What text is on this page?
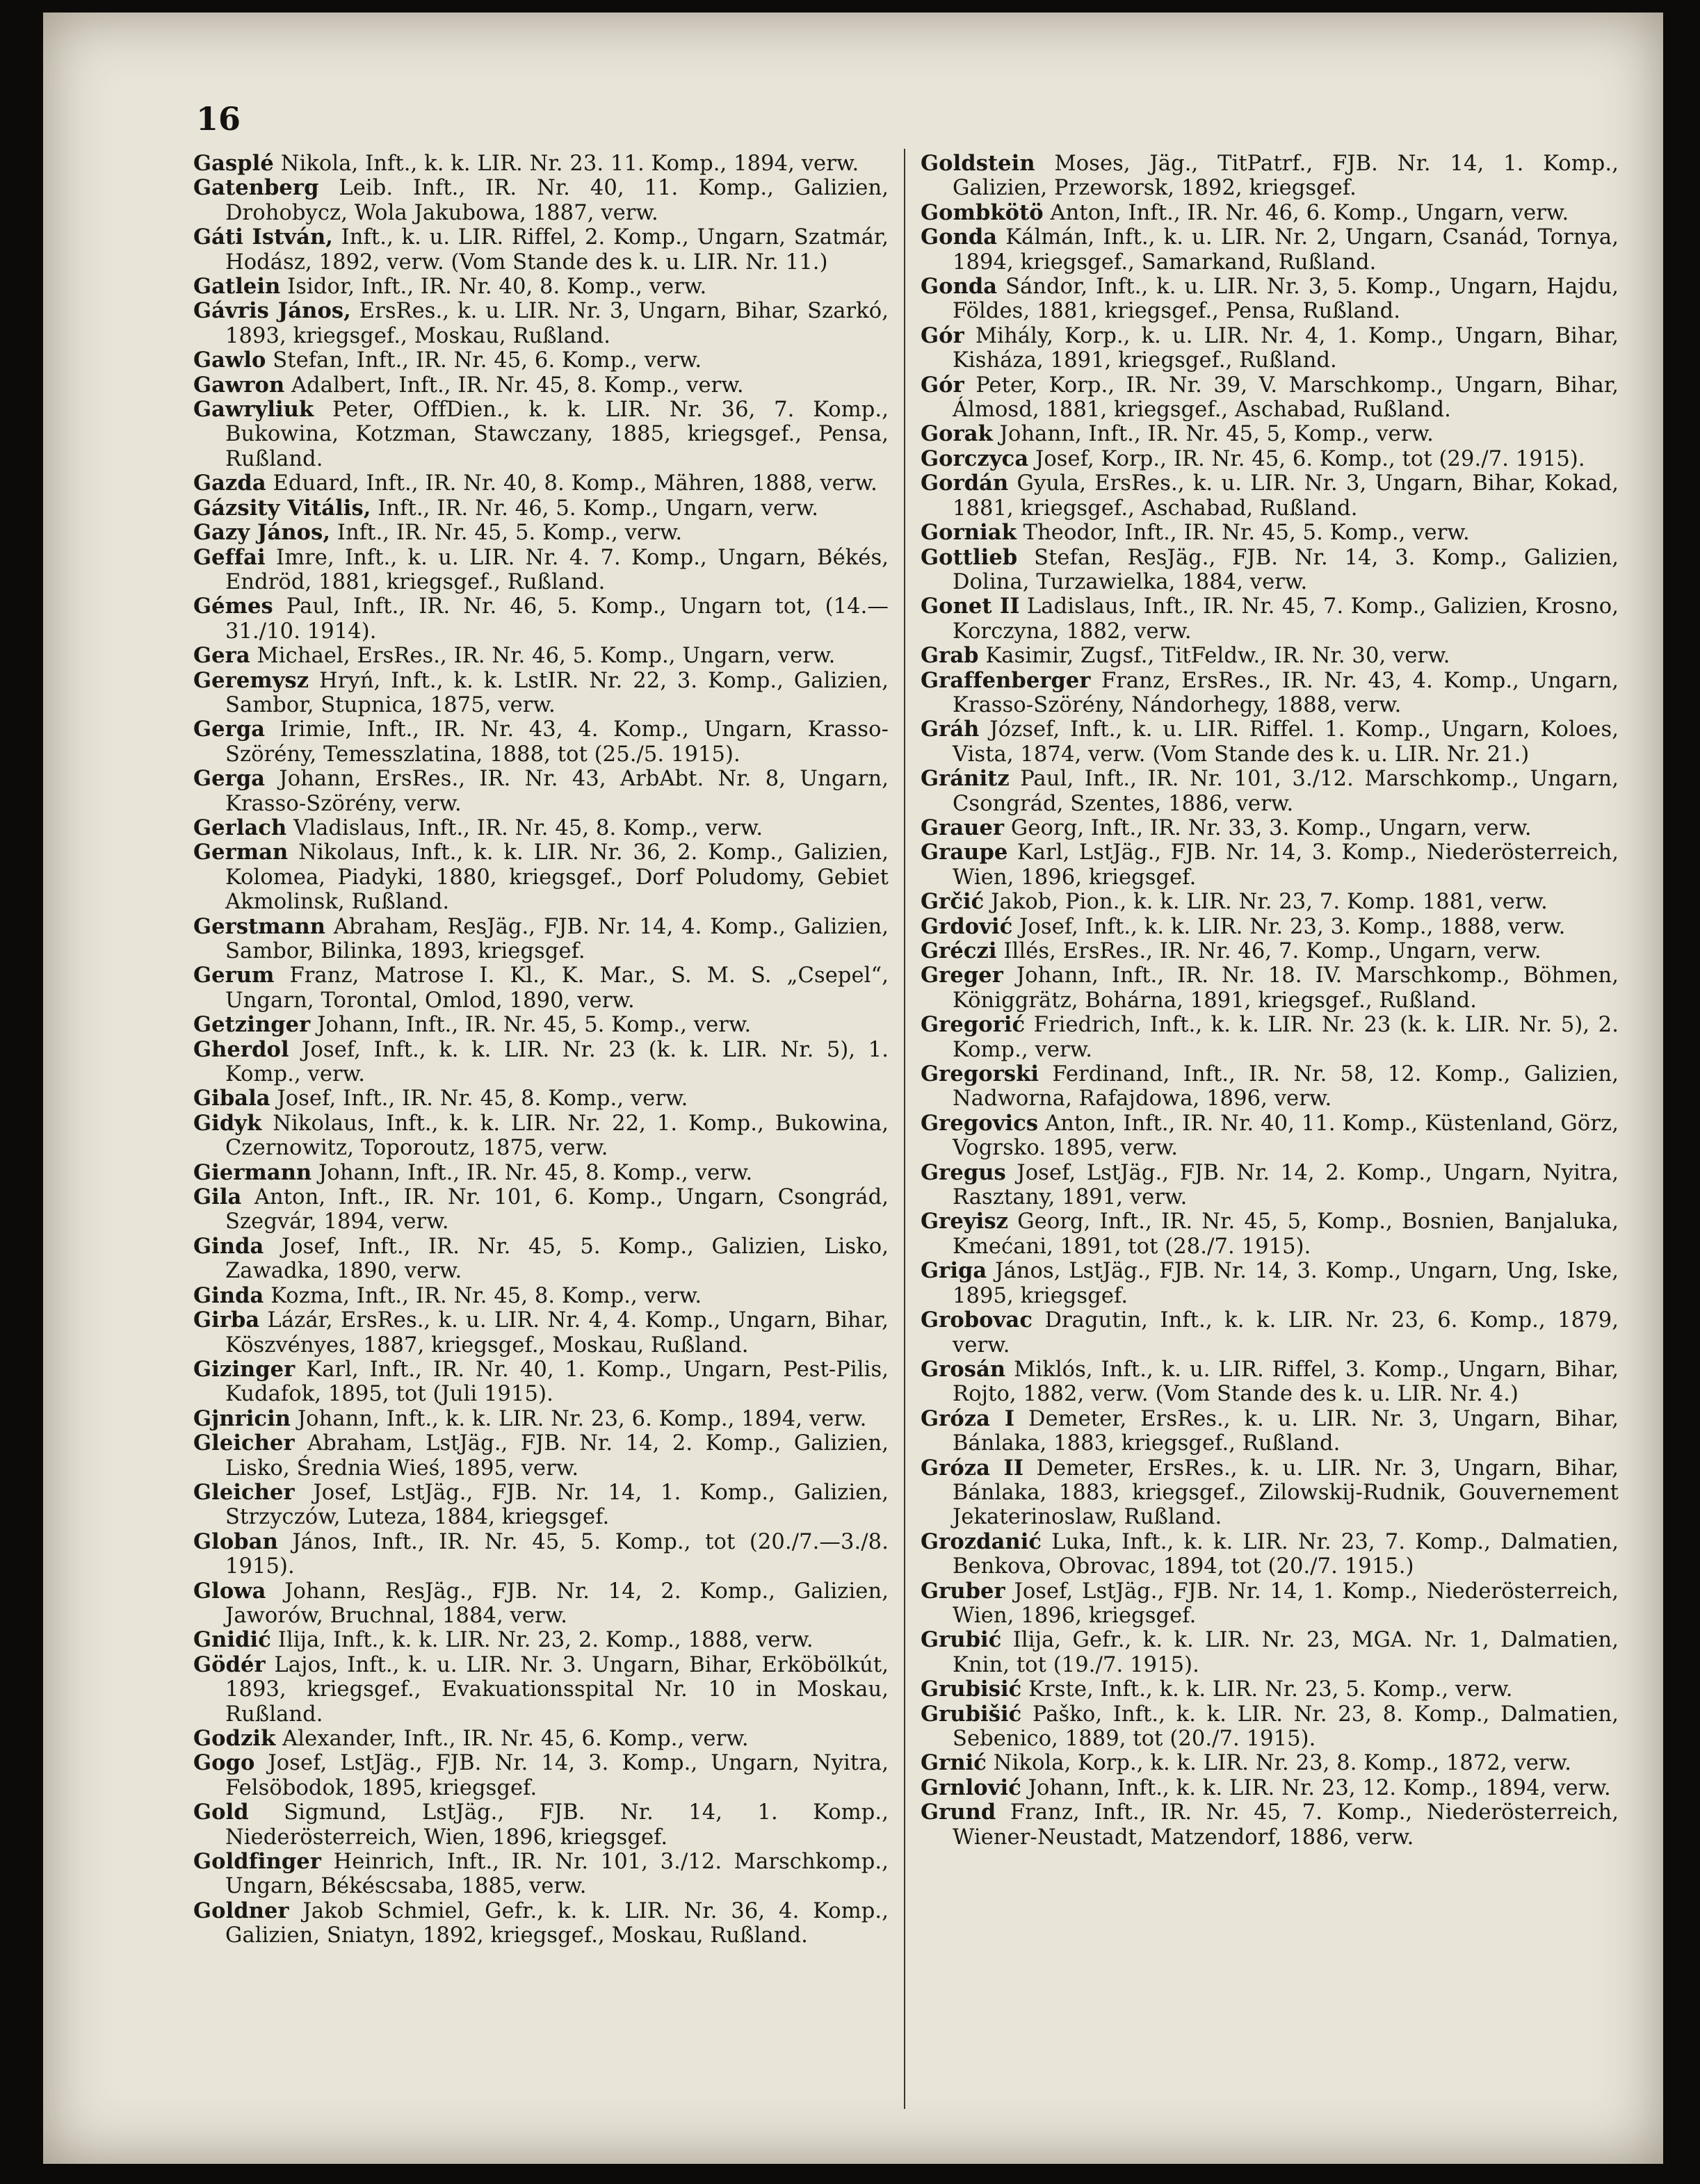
16
Gasplé Nikola, Inft., k. k. LIR. Nr. 23. 11. Komp., 1894, verw.
Gatenberg Leib. Inft., IR. Nr. 40, 11. Komp., Galizien, Drohobycz, Wola Jakubowa, 1887, verw.
Gáti István, Inft., k. u. LIR. Riffel, 2. Komp., Ungarn, Szatmár, Hodász, 1892, verw. (Vom Stande des k. u. LIR. Nr. 11.)
Gatlein Isidor, Inft., IR. Nr. 40, 8. Komp., verw.
Gávris János, ErsRes., k. u. LIR. Nr. 3, Ungarn, Bihar, Szarkó, 1893, kriegsgef., Moskau, Rußland.
Gawlo Stefan, Inft., IR. Nr. 45, 6. Komp., verw.
Gawron Adalbert, Inft., IR. Nr. 45, 8. Komp., verw.
Gawryliuk Peter, OffDien., k. k. LIR. Nr. 36, 7. Komp., Bukowina, Kotzman, Stawczany, 1885, kriegsgef., Pensa, Rußland.
Gazda Eduard, Inft., IR. Nr. 40, 8. Komp., Mähren, 1888, verw.
Gázsity Vitális, Inft., IR. Nr. 46, 5. Komp., Ungarn, verw.
Gazy János, Inft., IR. Nr. 45, 5. Komp., verw.
Geffai Imre, Inft., k. u. LIR. Nr. 4. 7. Komp., Ungarn, Békés, Endröd, 1881, kriegsgef., Rußland.
Gémes Paul, Inft., IR. Nr. 46, 5. Komp., Ungarn tot, (14.—31./10. 1914).
Gera Michael, ErsRes., IR. Nr. 46, 5. Komp., Ungarn, verw.
Geremysz Hryń, Inft., k. k. LstIR. Nr. 22, 3. Komp., Galizien, Sambor, Stupnica, 1875, verw.
Gerga Irimie, Inft., IR. Nr. 43, 4. Komp., Ungarn, Krasso-Szörény, Temesszlatina, 1888, tot (25./5. 1915).
Gerga Johann, ErsRes., IR. Nr. 43, ArbAbt. Nr. 8, Ungarn, Krasso-Szörény, verw.
Gerlach Vladislaus, Inft., IR. Nr. 45, 8. Komp., verw.
German Nikolaus, Inft., k. k. LIR. Nr. 36, 2. Komp., Galizien, Kolomea, Piadyki, 1880, kriegsgef., Dorf Poludomy, Gebiet Akmolinsk, Rußland.
Gerstmann Abraham, ResJäg., FJB. Nr. 14, 4. Komp., Galizien, Sambor, Bilinka, 1893, kriegsgef.
Gerum Franz, Matrose I. Kl., K. Mar., S. M. S. „Csepel“, Ungarn, Torontal, Omlod, 1890, verw.
Getzinger Johann, Inft., IR. Nr. 45, 5. Komp., verw.
Gherdol Josef, Inft., k. k. LIR. Nr. 23 (k. k. LIR. Nr. 5), 1. Komp., verw.
Gibala Josef, Inft., IR. Nr. 45, 8. Komp., verw.
Gidyk Nikolaus, Inft., k. k. LIR. Nr. 22, 1. Komp., Bukowina, Czernowitz, Toporoutz, 1875, verw.
Giermann Johann, Inft., IR. Nr. 45, 8. Komp., verw.
Gila Anton, Inft., IR. Nr. 101, 6. Komp., Ungarn, Csongrád, Szegvár, 1894, verw.
Ginda Josef, Inft., IR. Nr. 45, 5. Komp., Galizien, Lisko, Zawadka, 1890, verw.
Ginda Kozma, Inft., IR. Nr. 45, 8. Komp., verw.
Girba Lázár, ErsRes., k. u. LIR. Nr. 4, 4. Komp., Ungarn, Bihar, Köszvényes, 1887, kriegsgef., Moskau, Rußland.
Gizinger Karl, Inft., IR. Nr. 40, 1. Komp., Ungarn, Pest-Pilis, Kudafok, 1895, tot (Juli 1915).
Gjnricin Johann, Inft., k. k. LIR. Nr. 23, 6. Komp., 1894, verw.
Gleicher Abraham, LstJäg., FJB. Nr. 14, 2. Komp., Galizien, Lisko, Średnia Wieś, 1895, verw.
Gleicher Josef, LstJäg., FJB. Nr. 14, 1. Komp., Galizien, Strzyczów, Luteza, 1884, kriegsgef.
Globan János, Inft., IR. Nr. 45, 5. Komp., tot (20./7.—3./8. 1915).
Glowa Johann, ResJäg., FJB. Nr. 14, 2. Komp., Galizien, Jaworów, Bruchnal, 1884, verw.
Gnidić Ilija, Inft., k. k. LIR. Nr. 23, 2. Komp., 1888, verw.
Gödér Lajos, Inft., k. u. LIR. Nr. 3. Ungarn, Bihar, Erköbölkút, 1893, kriegsgef., Evakuationsspital Nr. 10 in Moskau, Rußland.
Godzik Alexander, Inft., IR. Nr. 45, 6. Komp., verw.
Gogo Josef, LstJäg., FJB. Nr. 14, 3. Komp., Ungarn, Nyitra, Felsöbodok, 1895, kriegsgef.
Gold Sigmund, LstJäg., FJB. Nr. 14, 1. Komp., Niederösterreich, Wien, 1896, kriegsgef.
Goldfinger Heinrich, Inft., IR. Nr. 101, 3./12. Marschkomp., Ungarn, Békéscsaba, 1885, verw.
Goldner Jakob Schmiel, Gefr., k. k. LIR. Nr. 36, 4. Komp., Galizien, Sniatyn, 1892, kriegsgef., Moskau, Rußland.
Goldstein Moses, Jäg., TitPatrf., FJB. Nr. 14, 1. Komp., Galizien, Przeworsk, 1892, kriegsgef.
Gombkötö Anton, Inft., IR. Nr. 46, 6. Komp., Ungarn, verw.
Gonda Kálmán, Inft., k. u. LIR. Nr. 2, Ungarn, Csanád, Tornya, 1894, kriegsgef., Samarkand, Rußland.
Gonda Sándor, Inft., k. u. LIR. Nr. 3, 5. Komp., Ungarn, Hajdu, Földes, 1881, kriegsgef., Pensa, Rußland.
Gór Mihály, Korp., k. u. LIR. Nr. 4, 1. Komp., Ungarn, Bihar, Kisháza, 1891, kriegsgef., Rußland.
Gór Peter, Korp., IR. Nr. 39, V. Marschkomp., Ungarn, Bihar, Álmosd, 1881, kriegsgef., Aschabad, Rußland.
Gorak Johann, Inft., IR. Nr. 45, 5, Komp., verw.
Gorczyca Josef, Korp., IR. Nr. 45, 6. Komp., tot (29./7. 1915).
Gordán Gyula, ErsRes., k. u. LIR. Nr. 3, Ungarn, Bihar, Kokad, 1881, kriegsgef., Aschabad, Rußland.
Gorniak Theodor, Inft., IR. Nr. 45, 5. Komp., verw.
Gottlieb Stefan, ResJäg., FJB. Nr. 14, 3. Komp., Galizien, Dolina, Turzawielka, 1884, verw.
Gonet II Ladislaus, Inft., IR. Nr. 45, 7. Komp., Galizien, Krosno, Korczyna, 1882, verw.
Grab Kasimir, Zugsf., TitFeldw., IR. Nr. 30, verw.
Graffenberger Franz, ErsRes., IR. Nr. 43, 4. Komp., Ungarn, Krasso-Szörény, Nándorhegy, 1888, verw.
Gráh József, Inft., k. u. LIR. Riffel. 1. Komp., Ungarn, Koloes, Vista, 1874, verw. (Vom Stande des k. u. LIR. Nr. 21.)
Gránitz Paul, Inft., IR. Nr. 101, 3./12. Marschkomp., Ungarn, Csongrád, Szentes, 1886, verw.
Grauer Georg, Inft., IR. Nr. 33, 3. Komp., Ungarn, verw.
Graupe Karl, LstJäg., FJB. Nr. 14, 3. Komp., Niederösterreich, Wien, 1896, kriegsgef.
Grčić Jakob, Pion., k. k. LIR. Nr. 23, 7. Komp. 1881, verw.
Grdović Josef, Inft., k. k. LIR. Nr. 23, 3. Komp., 1888, verw.
Gréczi Illés, ErsRes., IR. Nr. 46, 7. Komp., Ungarn, verw.
Greger Johann, Inft., IR. Nr. 18. IV. Marschkomp., Böhmen, Königgrätz, Bohárna, 1891, kriegsgef., Rußland.
Gregorić Friedrich, Inft., k. k. LIR. Nr. 23 (k. k. LIR. Nr. 5), 2. Komp., verw.
Gregorski Ferdinand, Inft., IR. Nr. 58, 12. Komp., Galizien, Nadworna, Rafajdowa, 1896, verw.
Gregovics Anton, Inft., IR. Nr. 40, 11. Komp., Küstenland, Görz, Vogrsko. 1895, verw.
Gregus Josef, LstJäg., FJB. Nr. 14, 2. Komp., Ungarn, Nyitra, Rasztany, 1891, verw.
Greyisz Georg, Inft., IR. Nr. 45, 5, Komp., Bosnien, Banjaluka, Kmećani, 1891, tot (28./7. 1915).
Griga János, LstJäg., FJB. Nr. 14, 3. Komp., Ungarn, Ung, Iske, 1895, kriegsgef.
Grobovac Dragutin, Inft., k. k. LIR. Nr. 23, 6. Komp., 1879, verw.
Grosán Miklós, Inft., k. u. LIR. Riffel, 3. Komp., Ungarn, Bihar, Rojto, 1882, verw. (Vom Stande des k. u. LIR. Nr. 4.)
Gróza I Demeter, ErsRes., k. u. LIR. Nr. 3, Ungarn, Bihar, Bánlaka, 1883, kriegsgef., Rußland.
Gróza II Demeter, ErsRes., k. u. LIR. Nr. 3, Ungarn, Bihar, Bánlaka, 1883, kriegsgef., Zilowskij-Rudnik, Gouvernement Jekaterinoslaw, Rußland.
Grozdanić Luka, Inft., k. k. LIR. Nr. 23, 7. Komp., Dalmatien, Benkova, Obrovac, 1894, tot (20./7. 1915.)
Gruber Josef, LstJäg., FJB. Nr. 14, 1. Komp., Niederösterreich, Wien, 1896, kriegsgef.
Grubić Ilija, Gefr., k. k. LIR. Nr. 23, MGA. Nr. 1, Dalmatien, Knin, tot (19./7. 1915).
Grubisić Krste, Inft., k. k. LIR. Nr. 23, 5. Komp., verw.
Grubišić Paško, Inft., k. k. LIR. Nr. 23, 8. Komp., Dalmatien, Sebenico, 1889, tot (20./7. 1915).
Grnić Nikola, Korp., k. k. LIR. Nr. 23, 8. Komp., 1872, verw.
Grnlović Johann, Inft., k. k. LIR. Nr. 23, 12. Komp., 1894, verw.
Grund Franz, Inft., IR. Nr. 45, 7. Komp., Niederösterreich, Wiener-Neustadt, Matzendorf, 1886, verw.
